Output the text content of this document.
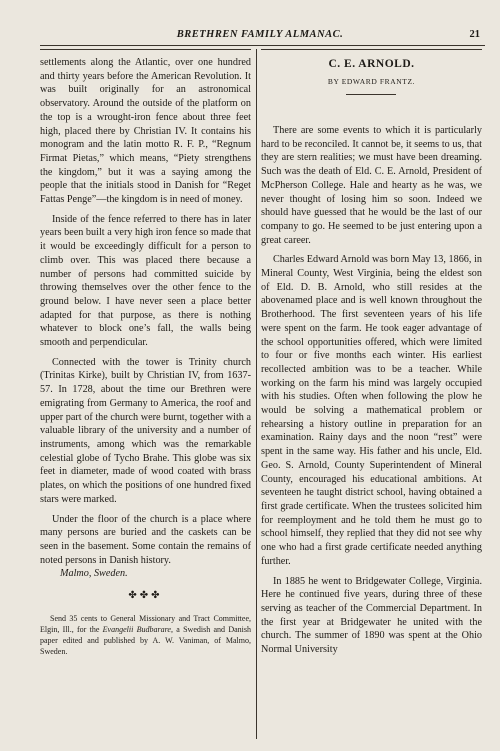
BRETHREN FAMILY ALMANAC.	21

settlements along the Atlantic, over one hundred and thirty years before the American Revolution. It was built originally for an astronomical observatory. Around the outside of the platform on the top is a wrought-iron fence about three feet high, placed there by Christian IV. It contains his monogram and the latin motto R. F. P., “Regnum Firmat Pietas,” which means, “Piety strengthens the kingdom,” but it was a saying among the people that the initials stood in Danish for “Reget Fattas Penge”—the kingdom is in need of money.

Inside of the fence referred to there has in later years been built a very high iron fence so made that it would be exceedingly difficult for a person to climb over. This was placed there because a number of persons had committed suicide by throwing themselves over the other fence to the ground below. I have never seen a place better adapted for that purpose, as there is nothing whatever to block one’s fall, the walls being smooth and perpendicular.

Connected with the tower is Trinity church (Trinitas Kirke), built by Christian IV, from 1637-57. In 1728, about the time our Brethren were emigrating from Germany to America, the roof and upper part of the church were burnt, together with a valuable library of the university and a number of instruments, among which was the remarkable celestial globe of Tycho Brahe. This globe was six feet in diameter, made of wood coated with brass plates, on which the positions of one hundred fixed stars were marked.

Under the floor of the church is a place where many persons are buried and the caskets can be seen in the basement. Some contain the remains of noted persons in Danish history.

Malmo, Sweden.

✤✤✤

Send 35 cents to General Missionary and Tract Committee, Elgin, Ill., for the Evangelii Budbarare, a Swedish and Danish paper edited and published by A. W. Vaniman, of Malmo, Sweden.

C. E. ARNOLD.
BY EDWARD FRANTZ.

There are some events to which it is particularly hard to be reconciled. It cannot be, it seems to us, that they are stern realities; we must have been dreaming. Such was the death of Eld. C. E. Arnold, President of McPherson College. Hale and hearty as he was, we never thought of losing him so soon. Indeed we should have guessed that he would be the last of our company to go. He seemed to be just entering upon a great career.

Charles Edward Arnold was born May 13, 1866, in Mineral County, West Virginia, being the eldest son of Eld. D. B. Arnold, who still resides at the abovenamed place and is well known throughout the Brotherhood. The first seventeen years of his life were spent on the farm. He took eager advantage of the school opportunities offered, which were limited to four or five months each winter. His earliest recollected ambition was to be a teacher. While working on the farm his mind was largely occupied with his studies. Often when following the plow he would be solving a mathematical problem or rehearsing a history outline in preparation for an examination. Rainy days and the noon “rest” were spent in the same way. His father and his uncle, Eld. Geo. S. Arnold, County Superintendent of Mineral County, encouraged his educational ambitions. At seventeen he taught district school, having obtained a first grade certificate. When the trustees solicited him for reemployment and he told them he must go to school himself, they replied that they did not see why one who had a first grade certificate needed anything further.

In 1885 he went to Bridgewater College, Virginia. Here he continued five years, during three of these serving as teacher of the Commercial Department. In the first year at Bridgewater he united with the church. The summer of 1890 was spent at the Ohio Normal University
